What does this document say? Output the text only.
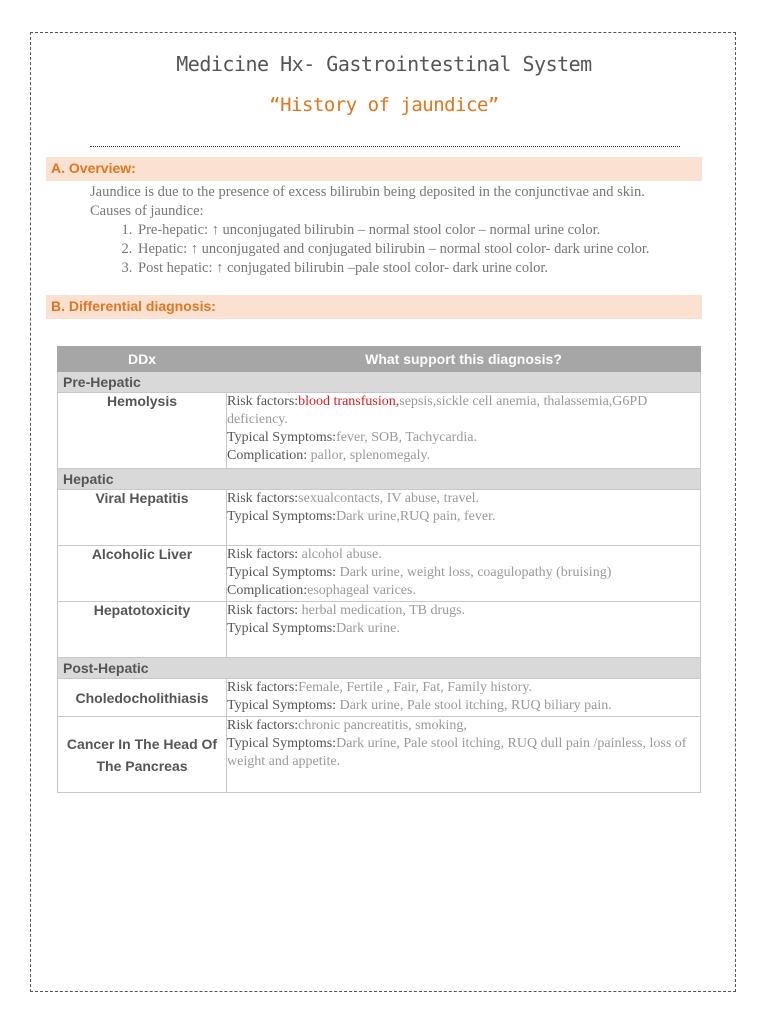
Medicine Hx- Gastrointestinal System
“History of jaundice”
A. Overview:
Jaundice is due to the presence of excess bilirubin being deposited in the conjunctivae and skin.
Causes of jaundice:
1. Pre-hepatic: ↑ unconjugated bilirubin – normal stool color – normal urine color.
2. Hepatic: ↑ unconjugated and conjugated bilirubin – normal stool color- dark urine color.
3. Post hepatic: ↑ conjugated bilirubin –pale stool color- dark urine color.
B. Differential diagnosis:
DDx	What support this diagnosis?
Pre-Hepatic	
Hemolysis	Risk factors:blood transfusion,sepsis,sickle cell anemia, thalassemia,G6PD deficiency.
Typical Symptoms:fever, SOB, Tachycardia.
Complication: pallor, splenomegaly.
Hepatic	
Viral Hepatitis	Risk factors:sexualcontacts, IV abuse, travel.
Typical Symptoms:Dark urine,RUQ pain, fever.
Alcoholic Liver	Risk factors: alcohol abuse.
Typical Symptoms: Dark urine, weight loss, coagulopathy (bruising)
Complication:esophageal varices.
Hepatotoxicity	Risk factors: herbal medication, TB drugs.
Typical Symptoms:Dark urine.
Post-Hepatic	
Choledocholithiasis	Risk factors:Female, Fertile , Fair, Fat, Family history.
Typical Symptoms: Dark urine, Pale stool itching, RUQ biliary pain.
Cancer In The Head Of The Pancreas	Risk factors:chronic pancreatitis, smoking,
Typical Symptoms:Dark urine, Pale stool itching, RUQ dull pain /painless, loss of weight and appetite.
